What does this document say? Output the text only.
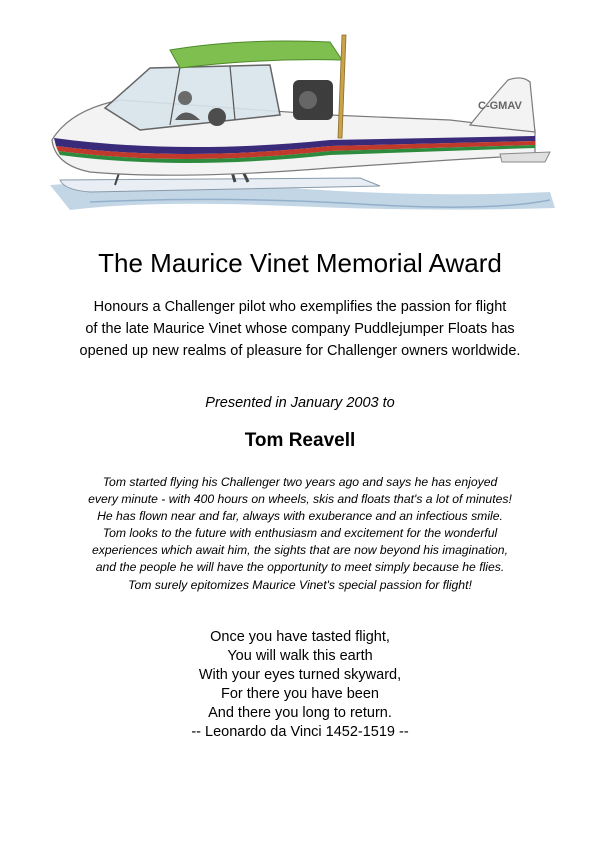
C-GMAV
The Maurice Vinet Memorial Award
Honours a Challenger pilot who exemplifies the passion for flight
of the late Maurice Vinet whose company Puddlejumper Floats has
opened up new realms of pleasure for Challenger owners worldwide.
Presented in January 2003 to
Tom Reavell
Tom started flying his Challenger two years ago and says he has enjoyed
every minute - with 400 hours on wheels, skis and floats that's a lot of minutes!
He has flown near and far, always with exuberance and an infectious smile.
Tom looks to the future with enthusiasm and excitement for the wonderful
experiences which await him, the sights that are now beyond his imagination,
and the people he will have the opportunity to meet simply because he flies.
Tom surely epitomizes Maurice Vinet's special passion for flight!
Once you have tasted flight,
You will walk this earth
With your eyes turned skyward,
For there you have been
And there you long to return.
-- Leonardo da Vinci 1452-1519 --
